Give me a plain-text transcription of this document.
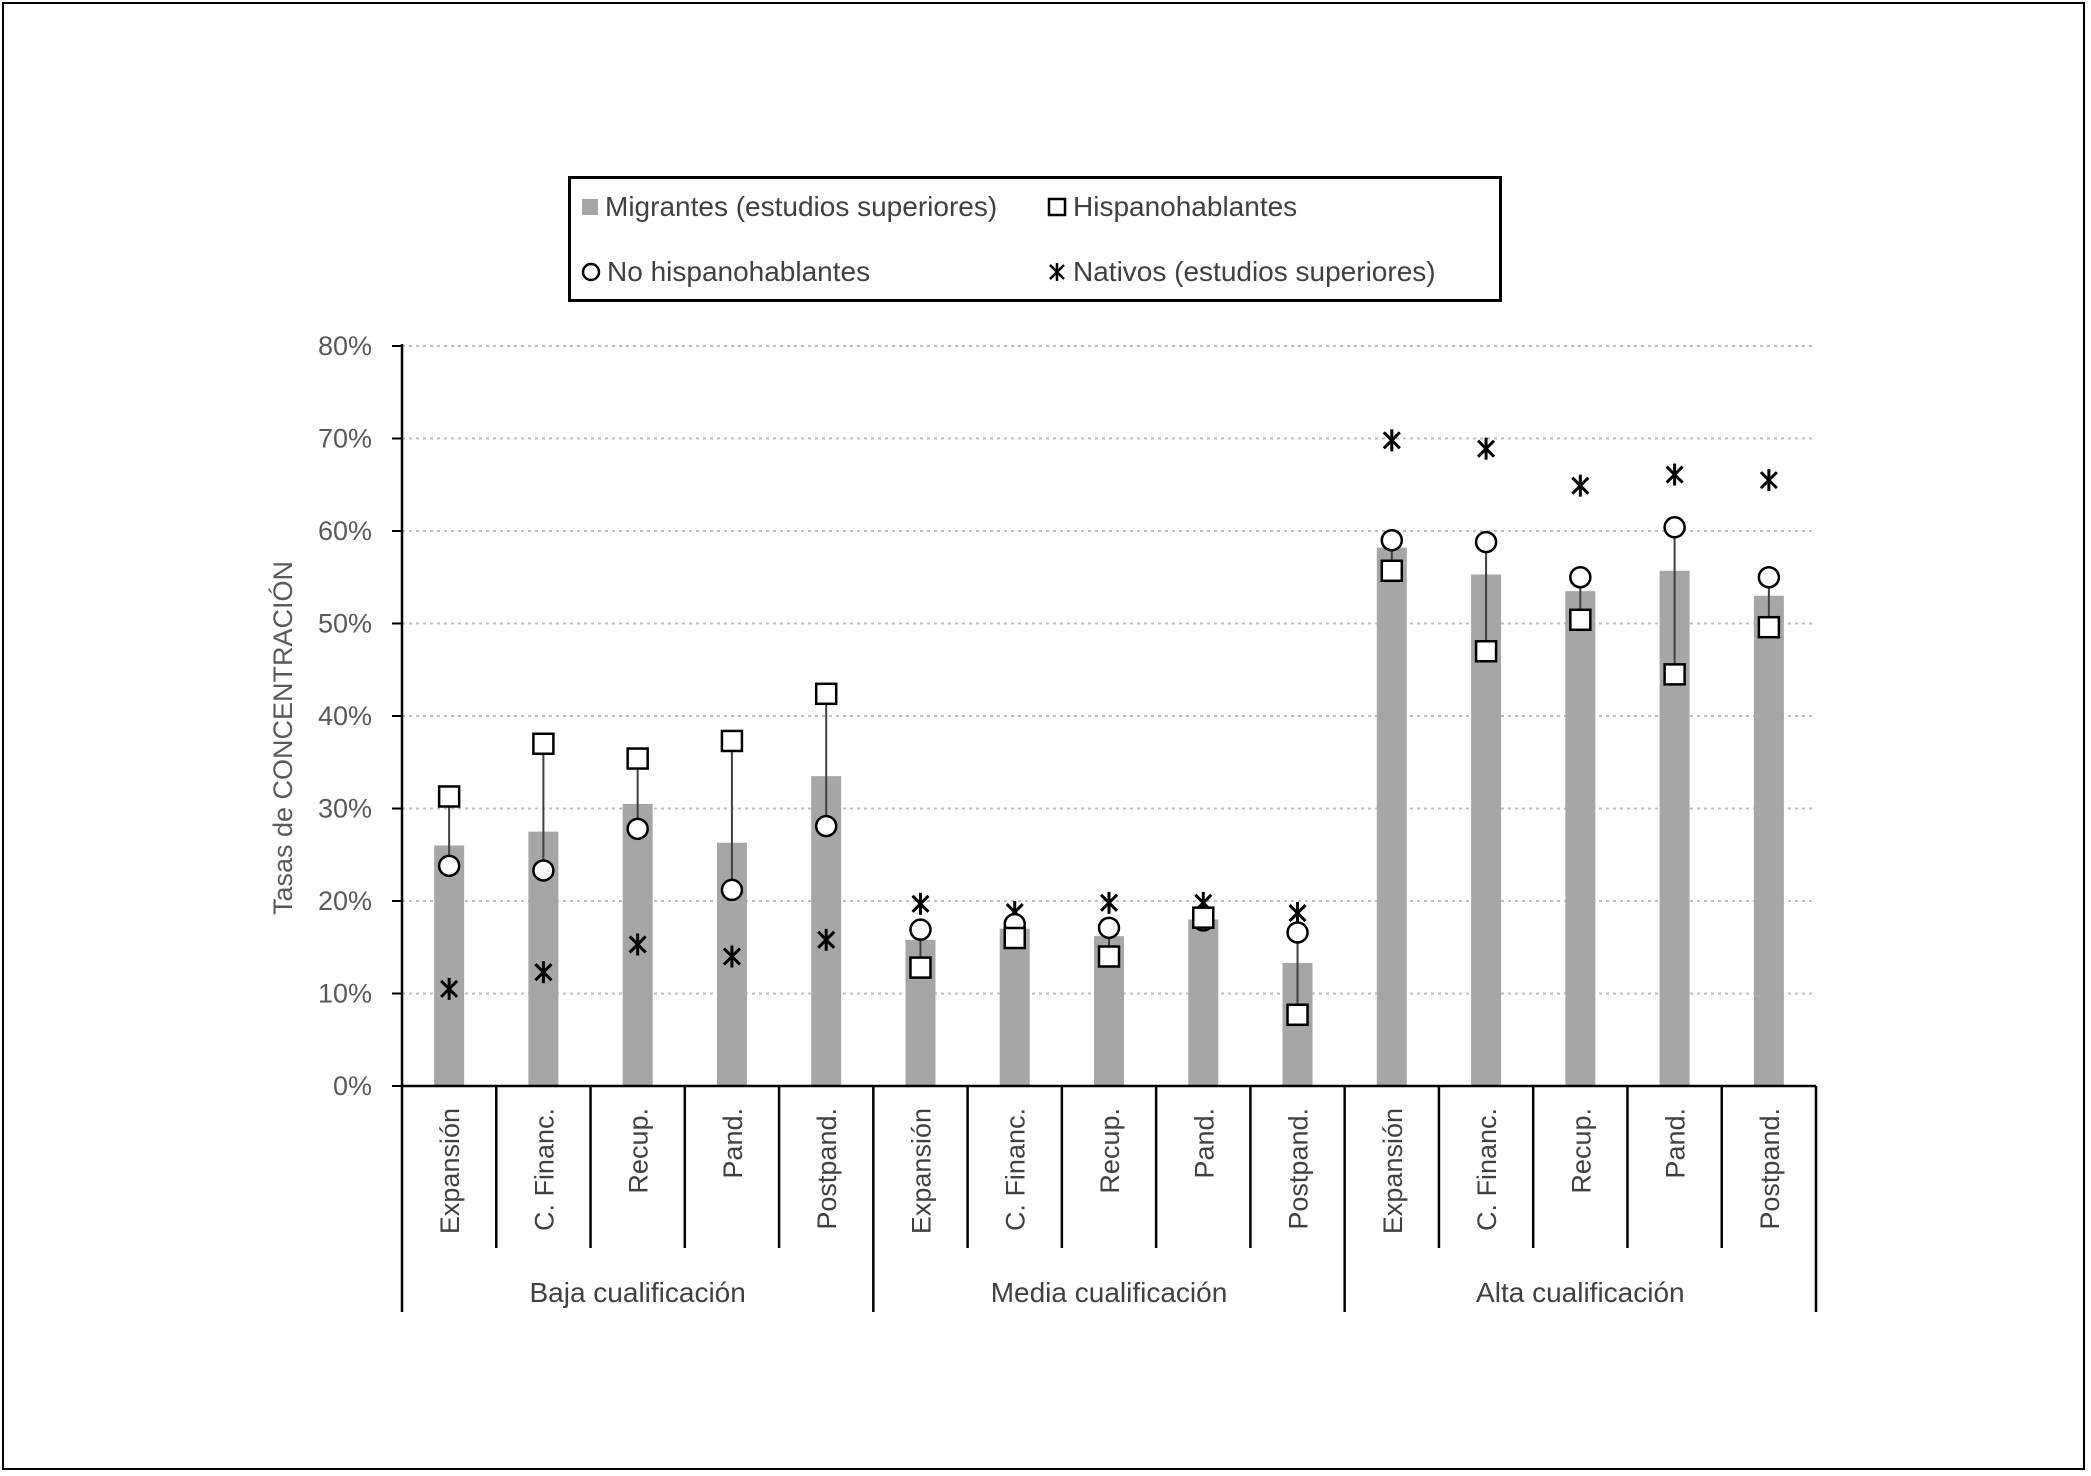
0%
10%
20%
30%
40%
50%
60%
70%
80%
Expansión C. Financ. Recup. Pand. Postpand. Expansión C. Financ. Recup. Pand. Postpand. Expansión C. Financ. Recup. Pand. Postpand.
Baja cualificación	Media cualificación	Alta cualificación
Tasas de CONCENTRACIÓN
Migrantes (estudios superiores)	Hispanohablantes
No hispanohablantes	Nativos (estudios superiores)
